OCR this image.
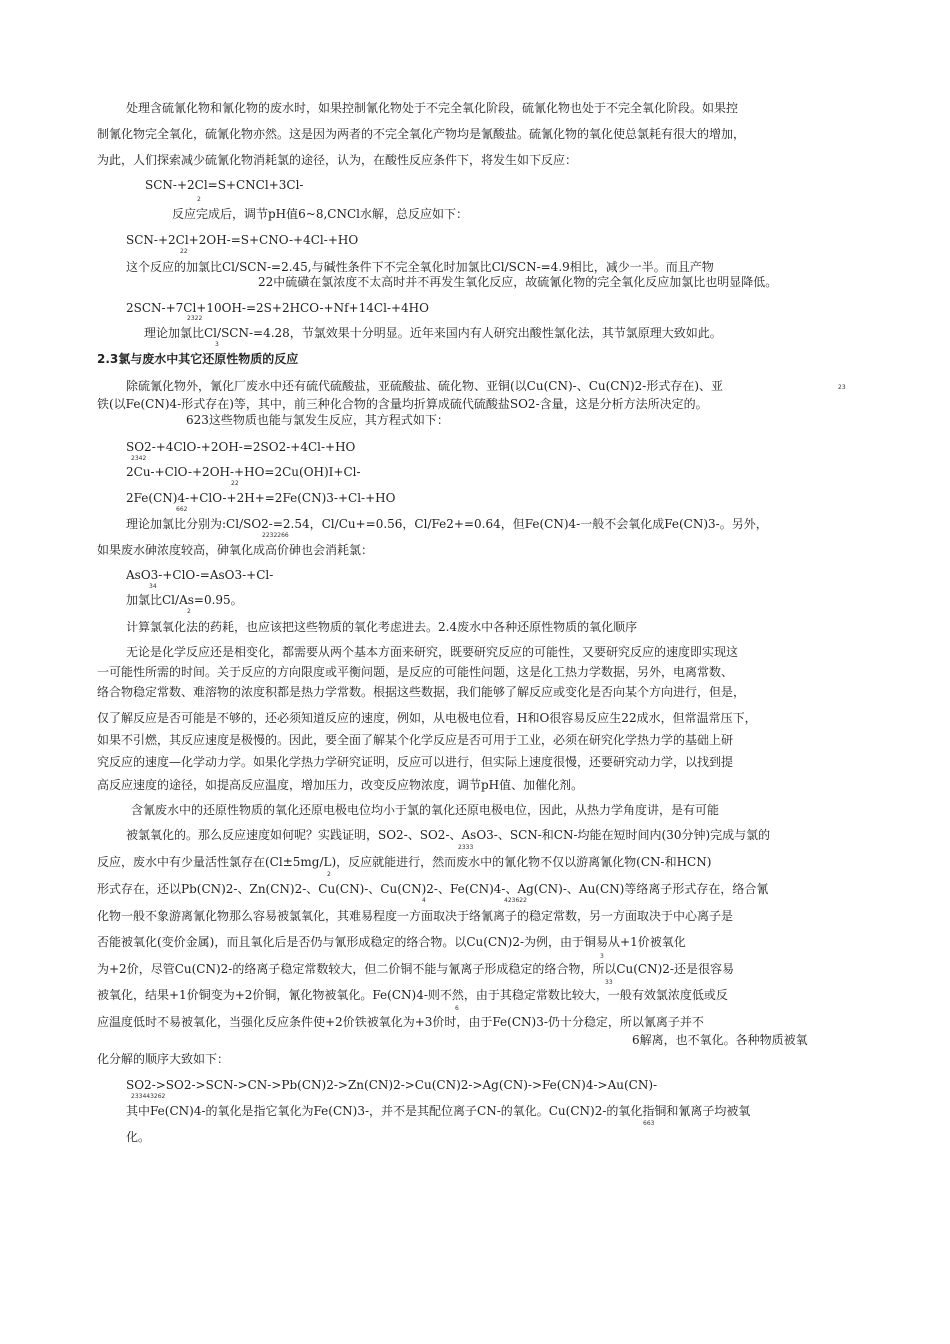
处理含硫氰化物和氰化物的废水时，如果控制氰化物处于不完全氧化阶段，硫氰化物也处于不完全氧化阶段。如果控
制氰化物完全氧化，硫氰化物亦然。这是因为两者的不完全氧化产物均是氰酸盐。硫氰化物的氧化使总氯耗有很大的增加，
为此，人们探索减少硫氰化物消耗氯的途径，认为，在酸性反应条件下，将发生如下反应：
SCN-+2Cl=S+CNCl+3Cl-
2
反应完成后，调节pH值6~8,CNCl水解，总反应如下：
SCN-+2Cl+2OH-=S+CNO-+4Cl-+HO
22
这个反应的加氯比Cl/SCN-=2.45,与碱性条件下不完全氧化时加氯比Cl/SCN-=4.9相比，减少一半。而且产物
22中硫磺在氯浓度不太高时并不再发生氧化反应，故硫氰化物的完全氧化反应加氯比也明显降低。
2SCN-+7Cl+10OH-=2S+2HCO-+Nf+14Cl-+4HO
2322
理论加氯比Cl/SCN-=4.28，节氯效果十分明显。近年来国内有人研究出酸性氯化法，其节氯原理大致如此。
3
2.3氯与废水中其它还原性物质的反应
除硫氰化物外，氰化厂废水中还有硫代硫酸盐，亚硫酸盐、硫化物、亚铜(以Cu(CN)-、Cu(CN)2-形式存在)、亚	23
铁(以Fe(CN)4-形式存在)等，其中，前三种化合物的含量均折算成硫代硫酸盐SO2-含量，这是分析方法所决定的。
623这些物质也能与氯发生反应，其方程式如下：
SO2-+4ClO-+2OH-=2SO2-+4Cl-+HO
2342
2Cu-+ClO-+2OH-+HO=2Cu(OH)I+Cl-
22
2Fe(CN)4-+ClO-+2H+=2Fe(CN)3-+Cl-+HO
662
理论加氯比分别为:Cl/SO2-=2.54，Cl/Cu+=0.56，Cl/Fe2+=0.64，但Fe(CN)4-一般不会氧化成Fe(CN)3-。另外，
2232266
如果废水砷浓度较高，砷氧化成高价砷也会消耗氯：
AsO3-+ClO-=AsO3-+Cl-
34
加氯比Cl/As=0.95。
2
计算氯氧化法的药耗，也应该把这些物质的氧化考虑进去。2.4废水中各种还原性物质的氧化顺序
无论是化学反应还是相变化，都需要从两个基本方面来研究，既要研究反应的可能性，又要研究反应的速度即实现这
一可能性所需的时间。关于反应的方向限度或平衡问题，是反应的可能性问题，这是化工热力学数据，另外，电离常数、
络合物稳定常数、难溶物的浓度积都是热力学常数。根据这些数据，我们能够了解反应或变化是否向某个方向进行，但是，
仅了解反应是否可能是不够的，还必须知道反应的速度，例如，从电极电位看，H和O很容易反应生22成水，但常温常压下，
如果不引燃，其反应速度是极慢的。因此，要全面了解某个化学反应是否可用于工业，必须在研究化学热力学的基础上研
究反应的速度—化学动力学。如果化学热力学研究证明，反应可以进行，但实际上速度很慢，还要研究动力学，以找到提
高反应速度的途径，如提高反应温度，增加压力，改变反应物浓度，调节pH值、加催化剂。
含氰废水中的还原性物质的氧化还原电极电位均小于氯的氧化还原电极电位，因此，从热力学角度讲，是有可能
被氯氧化的。那么反应速度如何呢？实践证明，SO2-、SO2-、AsO3-、SCN-和CN-均能在短时间内(30分钟)完成与氯的
2333
反应，废水中有少量活性氯存在(Cl±5mg/L)，反应就能进行，然而废水中的氰化物不仅以游离氰化物(CN-和HCN)
2
形式存在，还以Pb(CN)2-、Zn(CN)2-、Cu(CN)-、Cu(CN)2-、Fe(CN)4-、Ag(CN)-、Au(CN)等络离子形式存在，络合氰
4	423622
化物一般不象游离氰化物那么容易被氯氧化，其难易程度一方面取决于络氰离子的稳定常数，另一方面取决于中心离子是
否能被氧化(变价金属)，而且氧化后是否仍与氰形成稳定的络合物。以Cu(CN)2-为例，由于铜易从+1价被氧化
3
为+2价，尽管Cu(CN)2-的络离子稳定常数较大，但二价铜不能与氰离子形成稳定的络合物，所以Cu(CN)2-还是很容易
33
被氧化，结果+1价铜变为+2价铜，氰化物被氧化。Fe(CN)4-则不然，由于其稳定常数比较大，一般有效氯浓度低或反
6
应温度低时不易被氧化，当强化反应条件使+2价铁被氧化为+3价时，由于Fe(CN)3-仍十分稳定，所以氰离子并不
6解离，也不氧化。各种物质被氧
化分解的顺序大致如下：
SO2->SO2->SCN->CN->Pb(CN)2->Zn(CN)2->Cu(CN)2->Ag(CN)->Fe(CN)4->Au(CN)-
233443262
其中Fe(CN)4-的氧化是指它氧化为Fe(CN)3-，并不是其配位离子CN-的氧化。Cu(CN)2-的氧化指铜和氰离子均被氧
663
化。
